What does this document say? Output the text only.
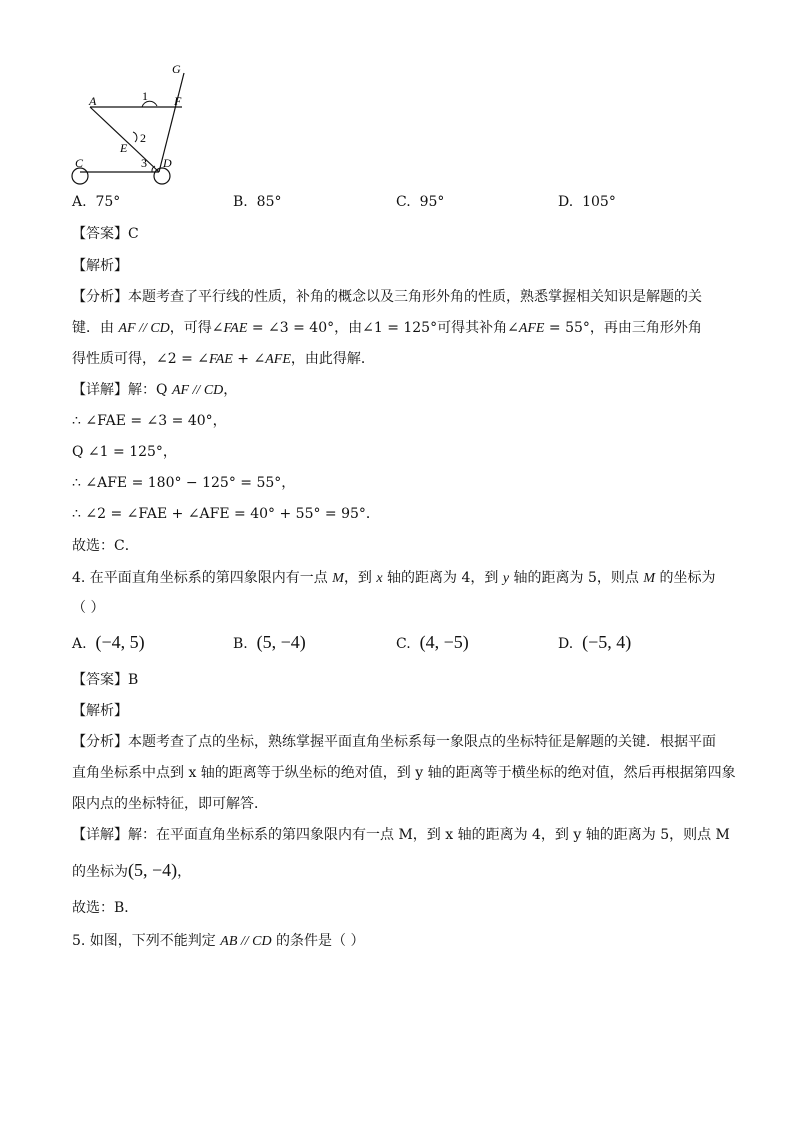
G
A	F
1
2
E
C	3 D
A. 75°	B. 85°	C. 95°	D. 105°
【答案】C
【解析】
【分析】本题考查了平行线的性质，补角的概念以及三角形外角的性质，熟悉掌握相关知识是解题的关
键．由 AF // CD，可得∠FAE = ∠3 = 40°，由∠1 = 125°可得其补角∠AFE = 55°，再由三角形外角
得性质可得，∠2 = ∠FAE + ∠AFE，由此得解．
【详解】解：Q AF // CD，
∴ ∠FAE = ∠3 = 40°，
Q ∠1 = 125°，
∴ ∠AFE = 180° − 125° = 55°，
∴ ∠2 = ∠FAE + ∠AFE = 40° + 55° = 95°．
故选：C．
4. 在平面直角坐标系的第四象限内有一点 M，到 x 轴的距离为 4，到 y 轴的距离为 5，则点 M 的坐标为
（ ）
A. (−4, 5)	B. (5, −4)	C. (4, −5)	D. (−5, 4)
【答案】B
【解析】
【分析】本题考查了点的坐标，熟练掌握平面直角坐标系每一象限点的坐标特征是解题的关键．根据平面
直角坐标系中点到 x 轴的距离等于纵坐标的绝对值，到 y 轴的距离等于横坐标的绝对值，然后再根据第四象
限内点的坐标特征，即可解答．
【详解】解：在平面直角坐标系的第四象限内有一点 M，到 x 轴的距离为 4，到 y 轴的距离为 5，则点 M
的坐标为(5, −4)，
故选：B．
5. 如图，下列不能判定 AB // CD 的条件是（ ）
